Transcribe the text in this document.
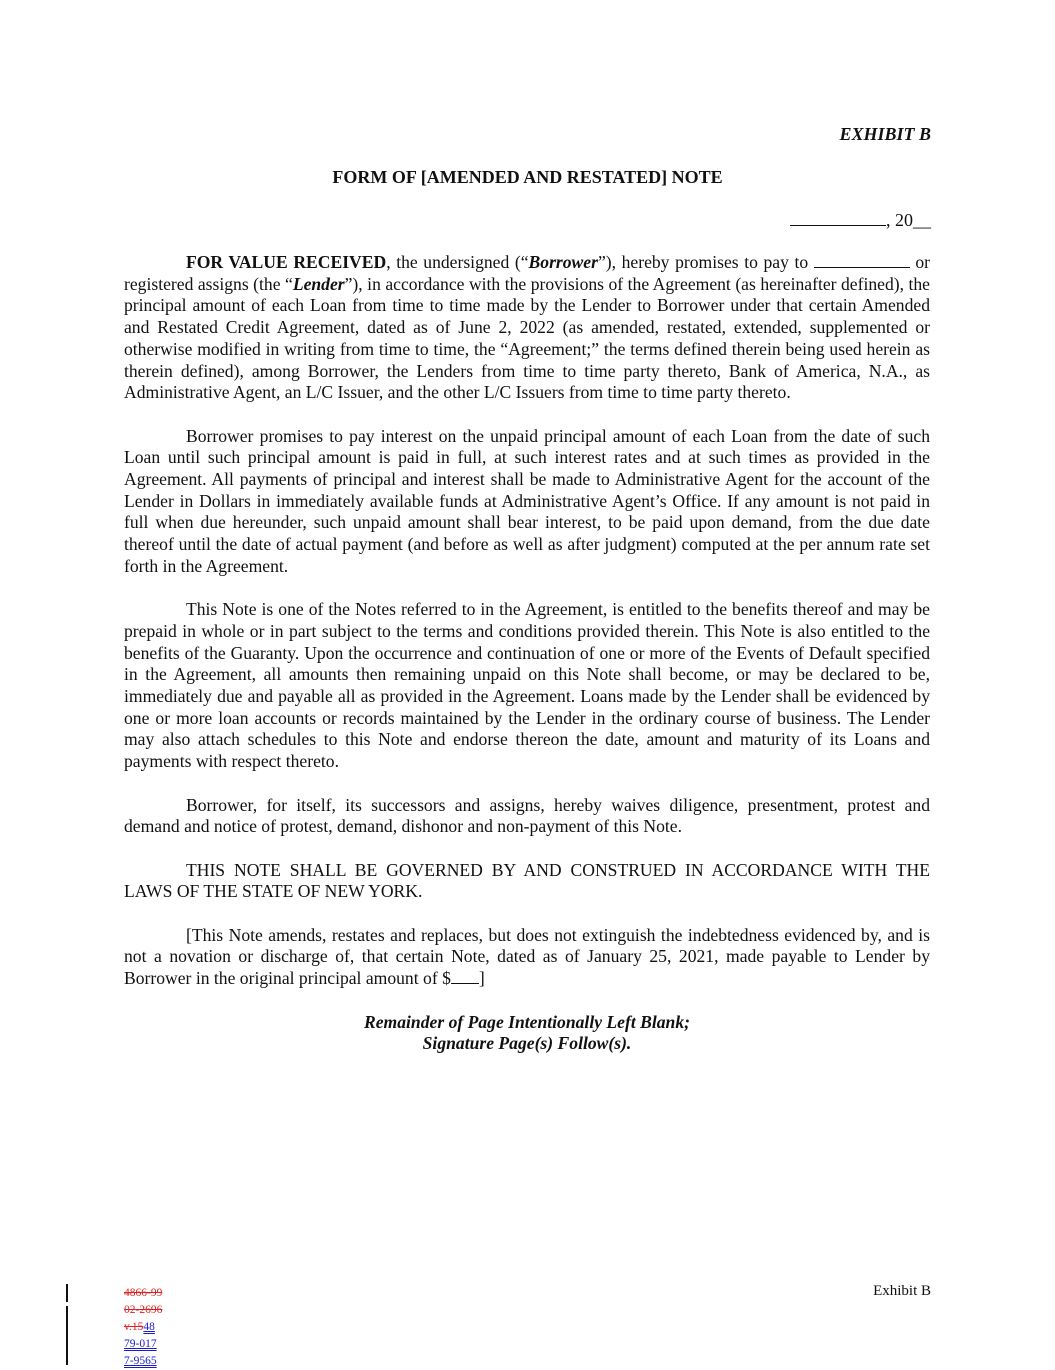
EXHIBIT B
FORM OF [AMENDED AND RESTATED] NOTE
, 20__

FOR VALUE RECEIVED, the undersigned (“Borrower”), hereby promises to pay to	or registered assigns (the “Lender”), in accordance with the provisions of the Agreement (as hereinafter defined), the principal amount of each Loan from time to time made by the Lender to Borrower under that certain Amended and Restated Credit Agreement, dated as of June 2, 2022 (as amended, restated, extended, supplemented or otherwise modified in writing from time to time, the “Agreement;” the terms defined therein being used herein as therein defined), among Borrower, the Lenders from time to time party thereto, Bank of America, N.A., as Administrative Agent, an L/C Issuer, and the other L/C Issuers from time to time party thereto.

Borrower promises to pay interest on the unpaid principal amount of each Loan from the date of such Loan until such principal amount is paid in full, at such interest rates and at such times as provided in the Agreement. All payments of principal and interest shall be made to Administrative Agent for the account of the Lender in Dollars in immediately available funds at Administrative Agent’s Office. If any amount is not paid in full when due hereunder, such unpaid amount shall bear interest, to be paid upon demand, from the due date thereof until the date of actual payment (and before as well as after judgment) computed at the per annum rate set forth in the Agreement.

This Note is one of the Notes referred to in the Agreement, is entitled to the benefits thereof and may be prepaid in whole or in part subject to the terms and conditions provided therein. This Note is also entitled to the benefits of the Guaranty. Upon the occurrence and continuation of one or more of the Events of Default specified in the Agreement, all amounts then remaining unpaid on this Note shall become, or may be declared to be, immediately due and payable all as provided in the Agreement. Loans made by the Lender shall be evidenced by one or more loan accounts or records maintained by the Lender in the ordinary course of business. The Lender may also attach schedules to this Note and endorse thereon the date, amount and maturity of its Loans and payments with respect thereto.

Borrower, for itself, its successors and assigns, hereby waives diligence, presentment, protest and demand and notice of protest, demand, dishonor and non-payment of this Note.

THIS NOTE SHALL BE GOVERNED BY AND CONSTRUED IN ACCORDANCE WITH THE LAWS OF THE STATE OF NEW YORK.

[This Note amends, restates and replaces, but does not extinguish the indebtedness evidenced by, and is not a novation or discharge of, that certain Note, dated as of January 25, 2021, made payable to Lender by Borrower in the original principal amount of $ ]

Remainder of Page Intentionally Left Blank;
Signature Page(s) Follow(s).
Exhibit B
4866-99
02-2696
v.1548
79-017
7-9565
